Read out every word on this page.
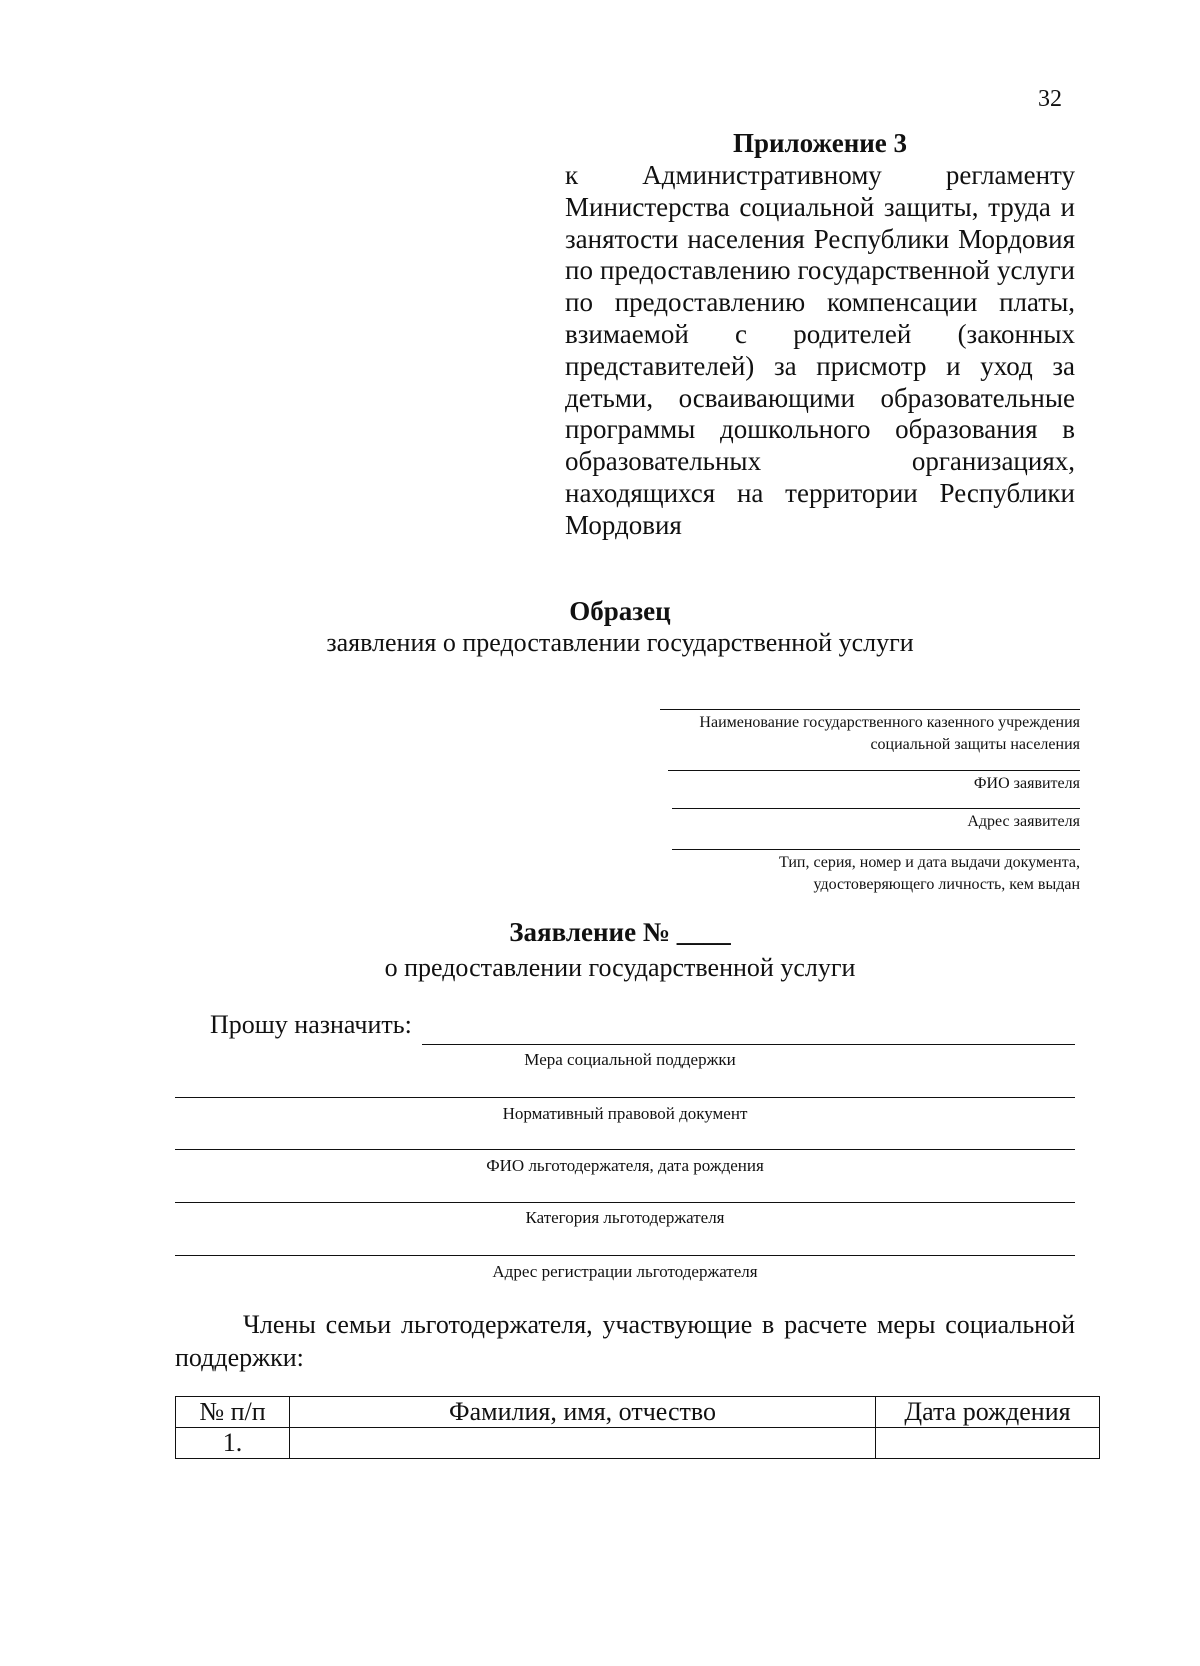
32
Приложение 3
к Административному регламенту Министерства социальной защиты, труда и занятости населения Республики Мордовия по предоставлению государственной услуги по предоставлению компенсации платы, взимаемой с родителей (законных представителей) за присмотр и уход за детьми, осваивающими образовательные программы дошкольного образования в образовательных организациях, находящихся на территории Республики Мордовия
Образец
заявления о предоставлении государственной услуги
Наименование государственного казенного учреждения
социальной защиты населения
ФИО заявителя
Адрес заявителя
Тип, серия, номер и дата выдачи документа,
удостоверяющего личность, кем выдан
Заявление № ____
о предоставлении государственной услуги
Прошу назначить:
Мера социальной поддержки
Нормативный правовой документ
ФИО льготодержателя, дата рождения
Категория льготодержателя
Адрес регистрации льготодержателя
Члены семьи льготодержателя, участвующие в расчете меры социальной поддержки:
№ п/п	Фамилия, имя, отчество	Дата рождения
1.		
